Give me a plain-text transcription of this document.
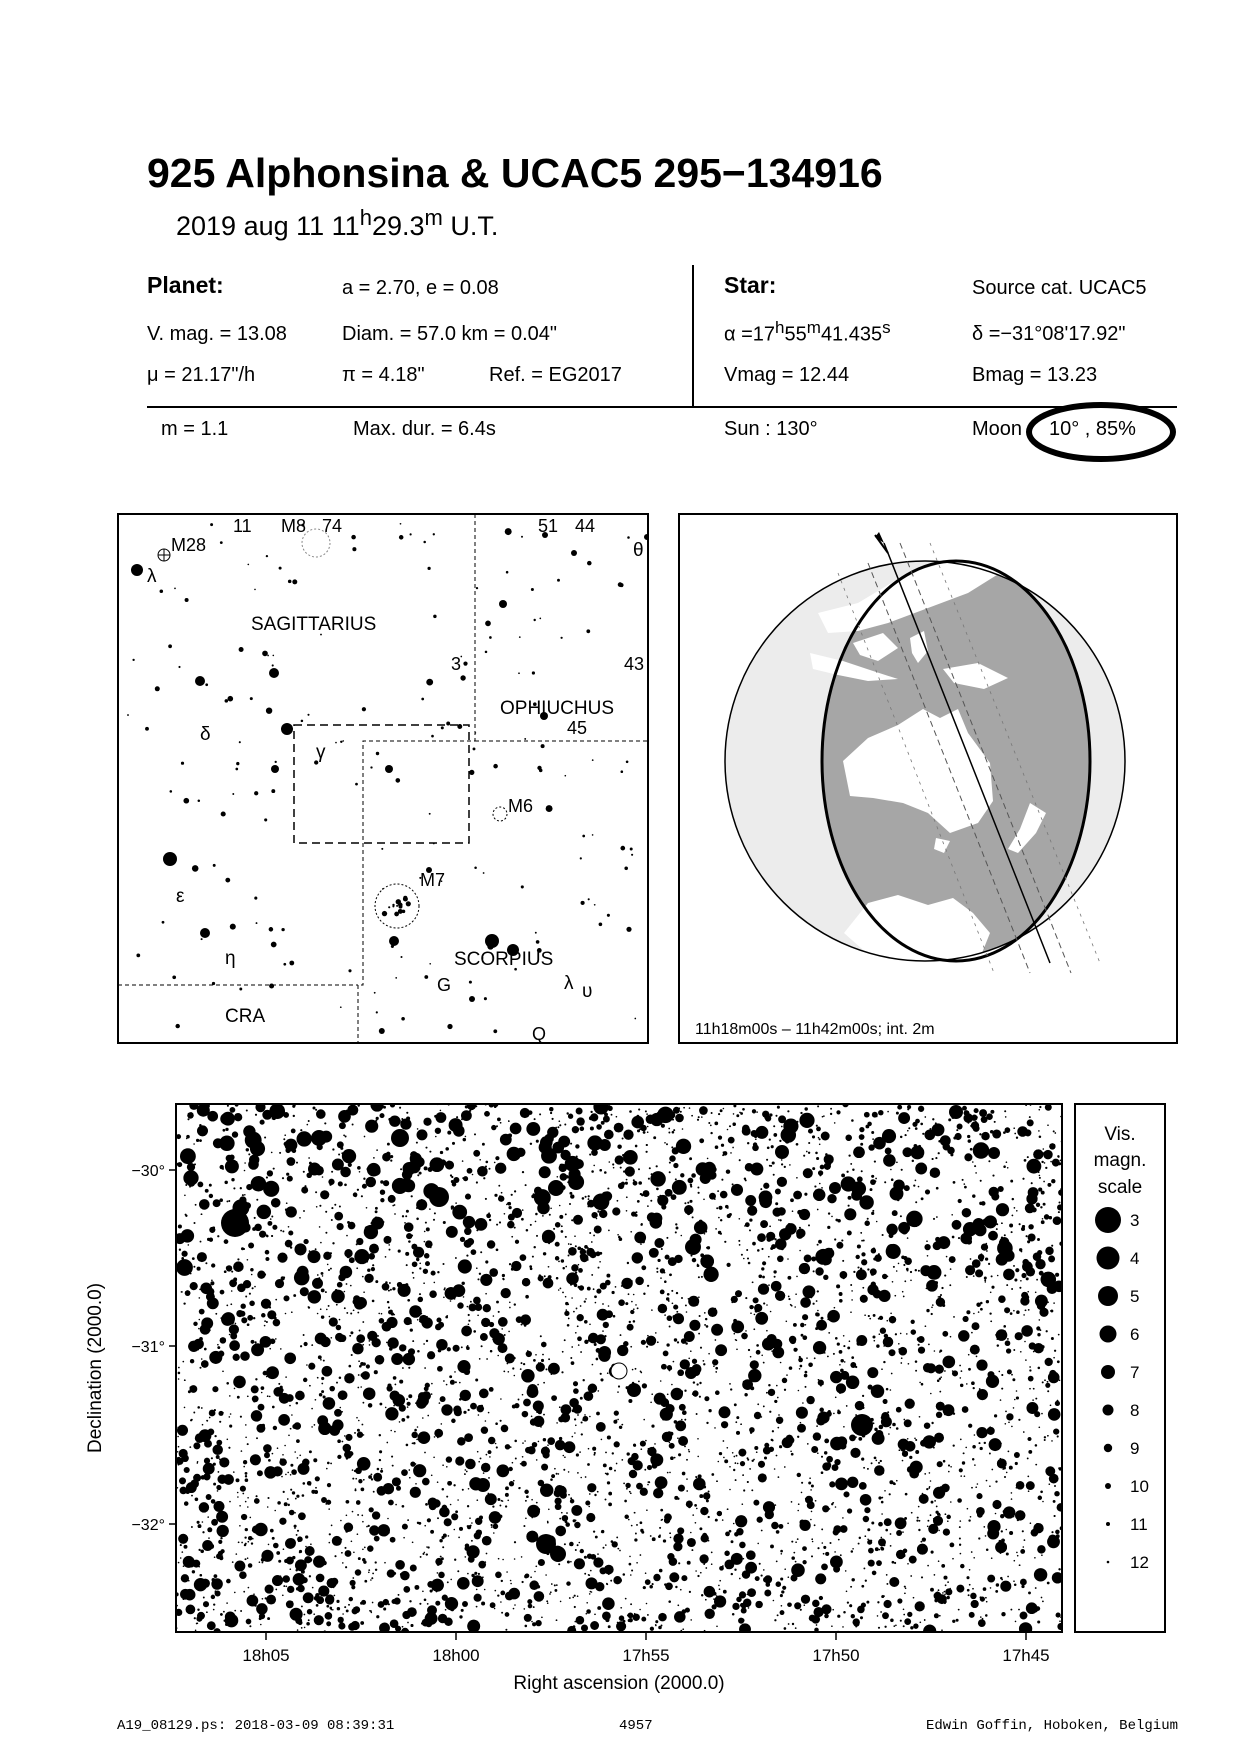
925 Alphonsina & UCAC5 295−134916
2019 aug 11 11$^h$29.3$^m$ U.T.
Planet:	a = 2.70, e = 0.08
V. mag. = 13.08	Diam. = 57.0 km = 0.04"
μ = 21.17"/h	π = 4.18"	Ref. = EG2017
Star:	Source cat. UCAC5
$\alpha =17^h55^m41.435^s$	δ =−31°08'17.92"
Vmag = 12.44	Bmag = 13.23
m = 1.1	Max. dur. = 6.4s	Sun : 130°	Moon 10° , 85%
SAGITTARIUS
OPHIUCHUS
SCORPIUS
CRA
M28
M8
M6
M7
11	74	51 44
3	43
45
G
Q
λ
δ
γ
ε
η
θ
λ υ
11h18m00s – 11h42m00s; int. 2m
−30°
−31°
−32°
18h05	18h00	17h55	17h50	17h45
Right ascension (2000.0)
Declination (2000.0)
Vis.
magn.
scale
3
4
5
6
7
8
9
10
11
12
A19_08129.ps: 2018-03-09 08:39:31	4957	Edwin Goffin, Hoboken, Belgium
